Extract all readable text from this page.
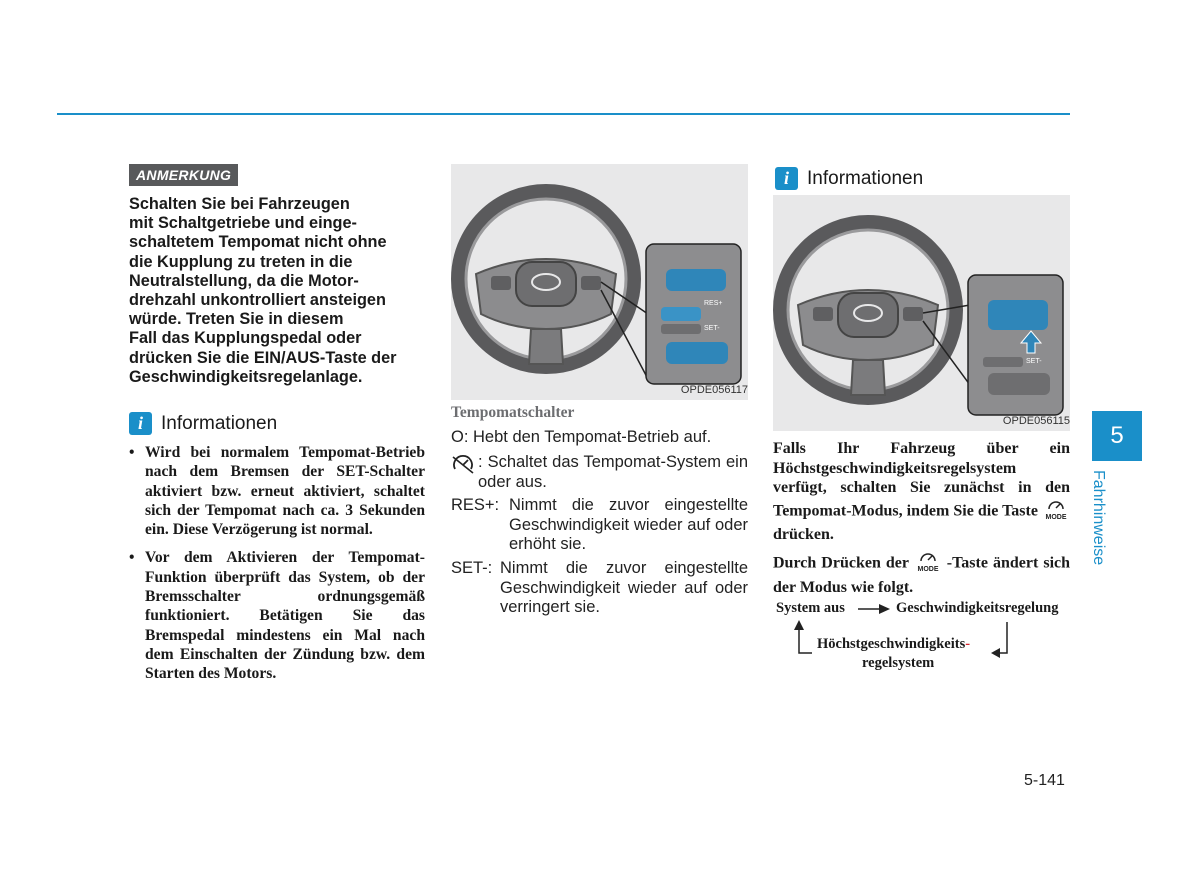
ANMERKUNG
Schalten Sie bei Fahrzeugen
mit Schaltgetriebe und einge-
schaltetem Tempomat nicht ohne
die Kupplung zu treten in die
Neutralstellung, da die Motor-
drehzahl unkontrolliert ansteigen
würde. Treten Sie in diesem
Fall das Kupplungspedal oder
drücken Sie die EIN/AUS-Taste der
Geschwindigkeitsregelanlage.
i Informationen
• Wird bei normalem Tempomat-Betrieb nach dem Bremsen der SET-Schalter aktiviert bzw. erneut aktiviert, schaltet sich der Tempomat nach ca. 3 Sekunden ein. Diese Verzögerung ist normal.
• Vor dem Aktivieren der Tempomat-Funktion überprüft das System, ob der Bremsschalter ordnungsgemäß funktioniert. Betätigen Sie das Bremspedal mindestens ein Mal nach dem Einschalten der Zündung bzw. dem Starten des Motors.
RES+
SET-
OPDE056117
Tempomatschalter
O: Hebt den Tempomat-Betrieb auf.
: Schaltet das Tempomat-System ein oder aus.
RES+: Nimmt die zuvor eingestellte Geschwindigkeit wieder auf oder erhöht sie.
SET-: Nimmt die zuvor eingestellte Geschwindigkeit wieder auf oder verringert sie.
i Informationen
SET-
OPDE056115
Falls Ihr Fahrzeug über ein Höchstgeschwindigkeitsregelsystem verfügt, schalten Sie zunächst in den Tempomat-Modus, indem Sie die Taste MODE
drücken.
Durch Drücken der MODE -Taste ändert sich der Modus wie folgt.
System aus	Geschwindigkeitsregelung
Höchstgeschwindigkeits-
regelsystem
5
Fahrhinweise
5-141
